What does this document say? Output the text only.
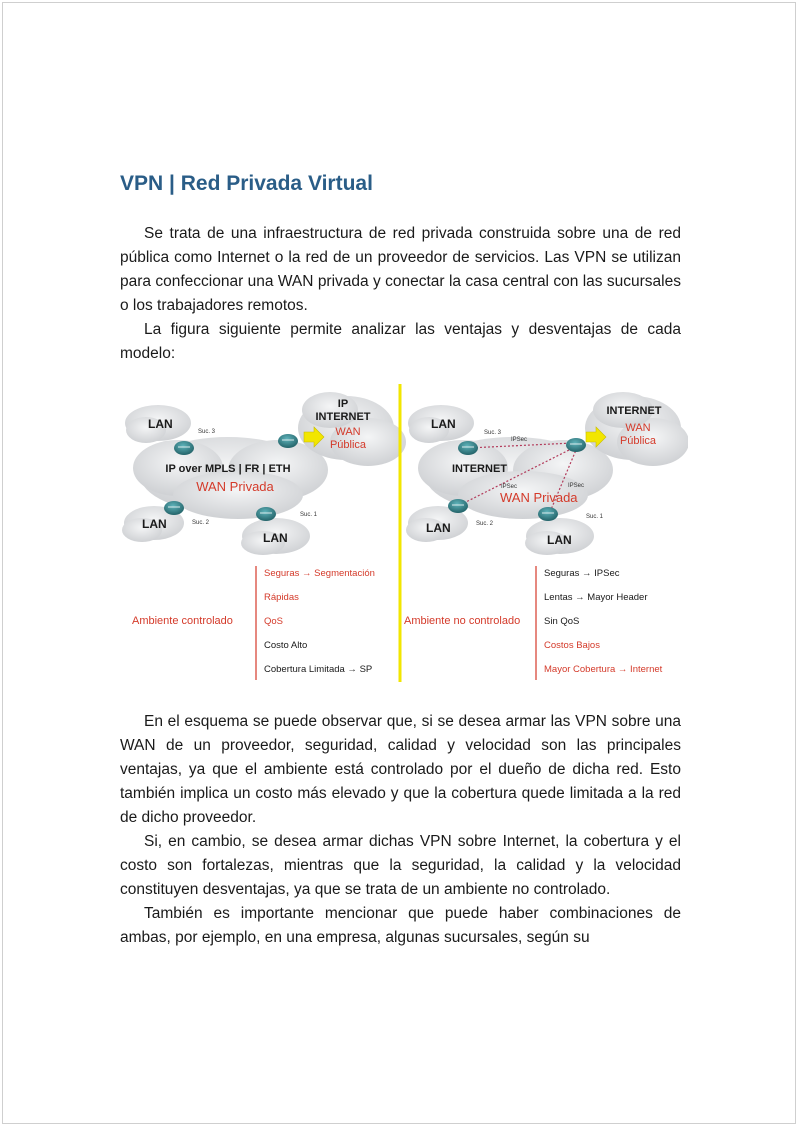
VPN | Red Privada Virtual

Se trata de una infraestructura de red privada construida sobre una de red pública como Internet o la red de un proveedor de servicios. Las VPN se utilizan para confeccionar una WAN privada y conectar la casa central con las sucursales o los trabajadores remotos.

La figura siguiente permite analizar las ventajas y desventajas de cada modelo:

LAN
LAN
LAN
IP
INTERNET
WAN
Pública
Suc. 3
Suc. 2
Suc. 1
IP over MPLS | FR | ETH
WAN Privada
Ambiente controlado
Seguras → Segmentación
Rápidas
QoS
Costo Alto
Cobertura Limitada → SP
LAN
LAN
LAN
INTERNET
WAN
Pública
IPSec
IPSec	IPSec
Suc. 3
Suc. 2
Suc. 1
INTERNET
WAN Privada
Ambiente no controlado
Seguras → IPSec
Lentas → Mayor Header
Sin QoS
Costos Bajos
Mayor Cobertura → Internet

En el esquema se puede observar que, si se desea armar las VPN sobre una WAN de un proveedor, seguridad, calidad y velocidad son las principales ventajas, ya que el ambiente está controlado por el dueño de dicha red. Esto también implica un costo más elevado y que la cobertura quede limitada a la red de dicho proveedor.

Si, en cambio, se desea armar dichas VPN sobre Internet, la cobertura y el costo son fortalezas, mientras que la seguridad, la calidad y la velocidad constituyen desventajas, ya que se trata de un ambiente no controlado.

También es importante mencionar que puede haber combinaciones de ambas, por ejemplo, en una empresa, algunas sucursales, según su
